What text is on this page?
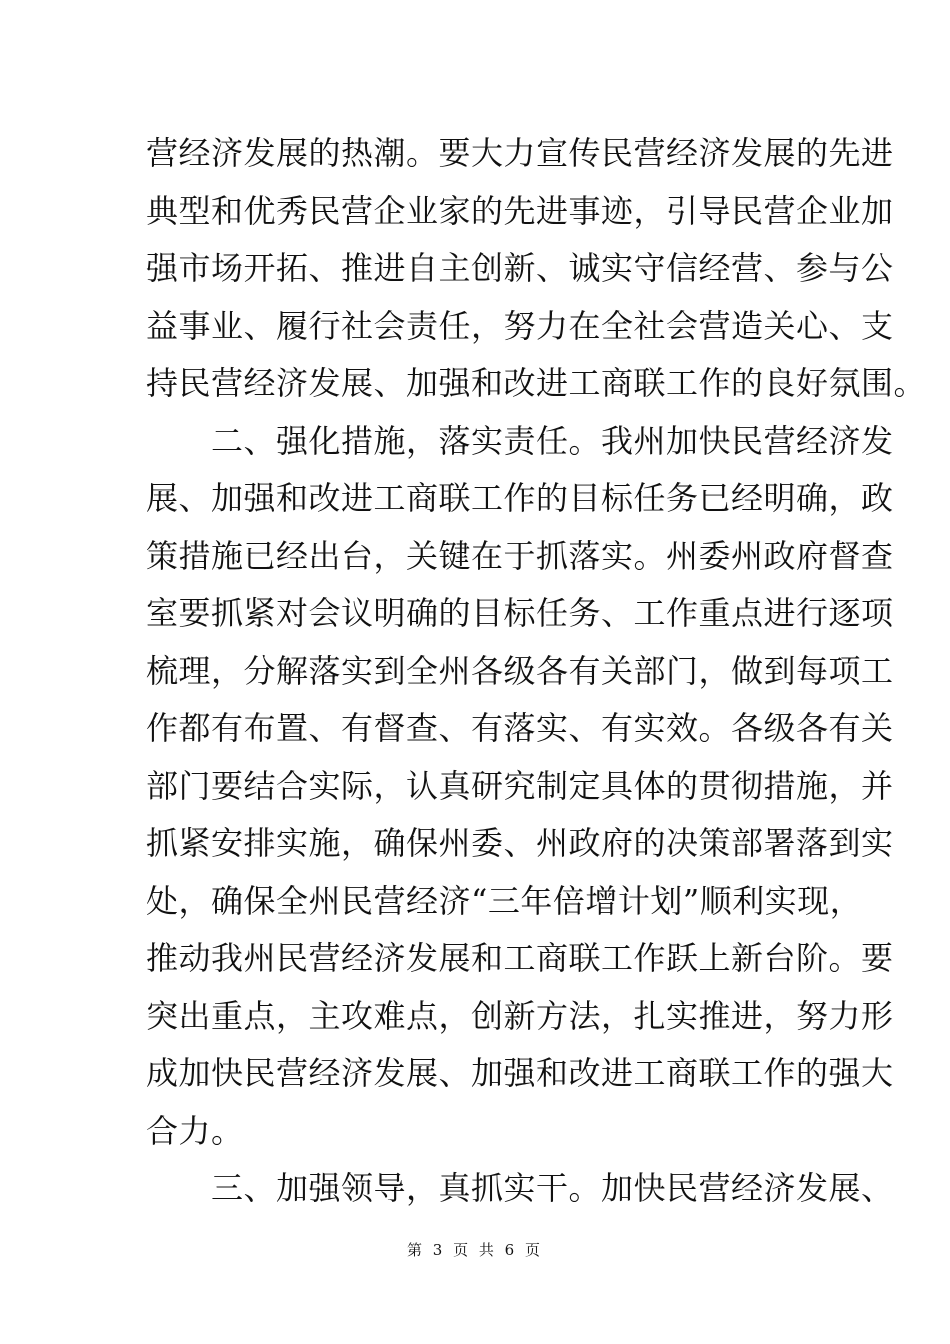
营经济发展的热潮。要大力宣传民营经济发展的先进
典型和优秀民营企业家的先进事迹，引导民营企业加
强市场开拓、推进自主创新、诚实守信经营、参与公
益事业、履行社会责任，努力在全社会营造关心、支
持民营经济发展、加强和改进工商联工作的良好氛围。
　　二、强化措施，落实责任。我州加快民营经济发
展、加强和改进工商联工作的目标任务已经明确，政
策措施已经出台，关键在于抓落实。州委州政府督查
室要抓紧对会议明确的目标任务、工作重点进行逐项
梳理，分解落实到全州各级各有关部门，做到每项工
作都有布置、有督查、有落实、有实效。各级各有关
部门要结合实际，认真研究制定具体的贯彻措施，并
抓紧安排实施，确保州委、州政府的决策部署落到实
处，确保全州民营经济“三年倍增计划”顺利实现，
推动我州民营经济发展和工商联工作跃上新台阶。要
突出重点，主攻难点，创新方法，扎实推进，努力形
成加快民营经济发展、加强和改进工商联工作的强大
合力。
　　三、加强领导，真抓实干。加快民营经济发展、
第 3 页 共 6 页
